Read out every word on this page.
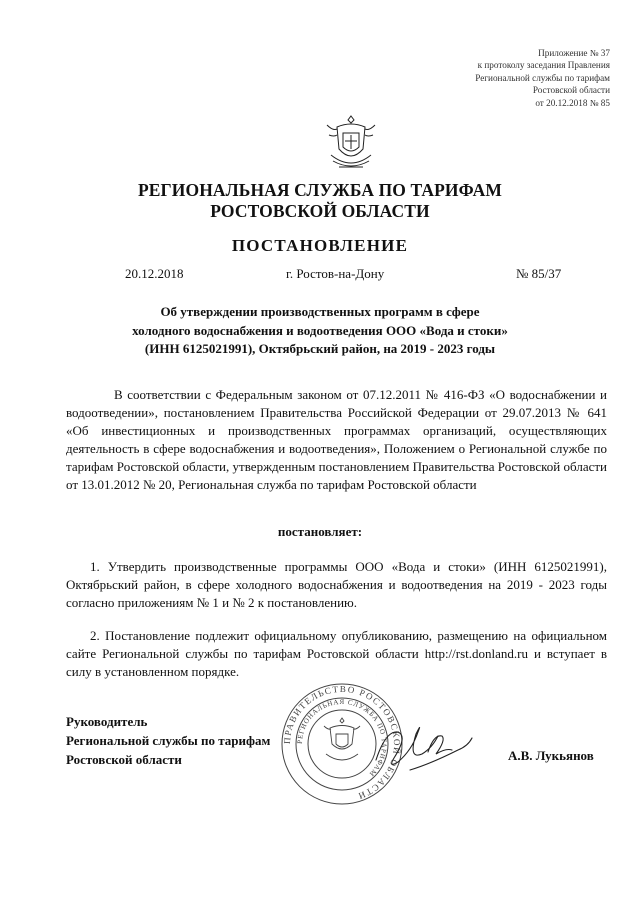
Приложение № 37
к протоколу заседания Правления
Региональной службы по тарифам
Ростовской области
от 20.12.2018 № 85
РЕГИОНАЛЬНАЯ СЛУЖБА ПО ТАРИФАМ
РОСТОВСКОЙ ОБЛАСТИ
ПОСТАНОВЛЕНИЕ
20.12.2018	г. Ростов-на-Дону	№ 85/37
Об утверждении производственных программ в сфере
холодного водоснабжения и водоотведения ООО «Вода и стоки»
(ИНН 6125021991), Октябрьский район, на 2019 - 2023 годы
В соответствии с Федеральным законом от 07.12.2011 № 416-ФЗ «О водоснабжении и водоотведении», постановлением Правительства Российской Федерации от 29.07.2013 № 641 «Об инвестиционных и производственных программах организаций, осуществляющих деятельность в сфере водоснабжения и водоотведения», Положением о Региональной службе по тарифам Ростовской области, утвержденным постановлением Правительства Ростовской области от 13.01.2012 № 20, Региональная служба по тарифам Ростовской области
постановляет:
1. Утвердить производственные программы ООО «Вода и стоки» (ИНН 6125021991), Октябрьский район, в сфере холодного водоснабжения и водоотведения на 2019 - 2023 годы согласно приложениям № 1 и № 2 к постановлению.
2. Постановление подлежит официальному опубликованию, размещению на официальном сайте Региональной службы по тарифам Ростовской области http://rst.donland.ru и вступает в силу в установленном порядке.
Руководитель
Региональной службы по тарифам
Ростовской области	А.В. Лукьянов
ПРАВИТЕЛЬСТВО РОСТОВСКОЙ ОБЛАСТИ
РЕГИОНАЛЬНАЯ СЛУЖБА ПО ТАРИФАМ
